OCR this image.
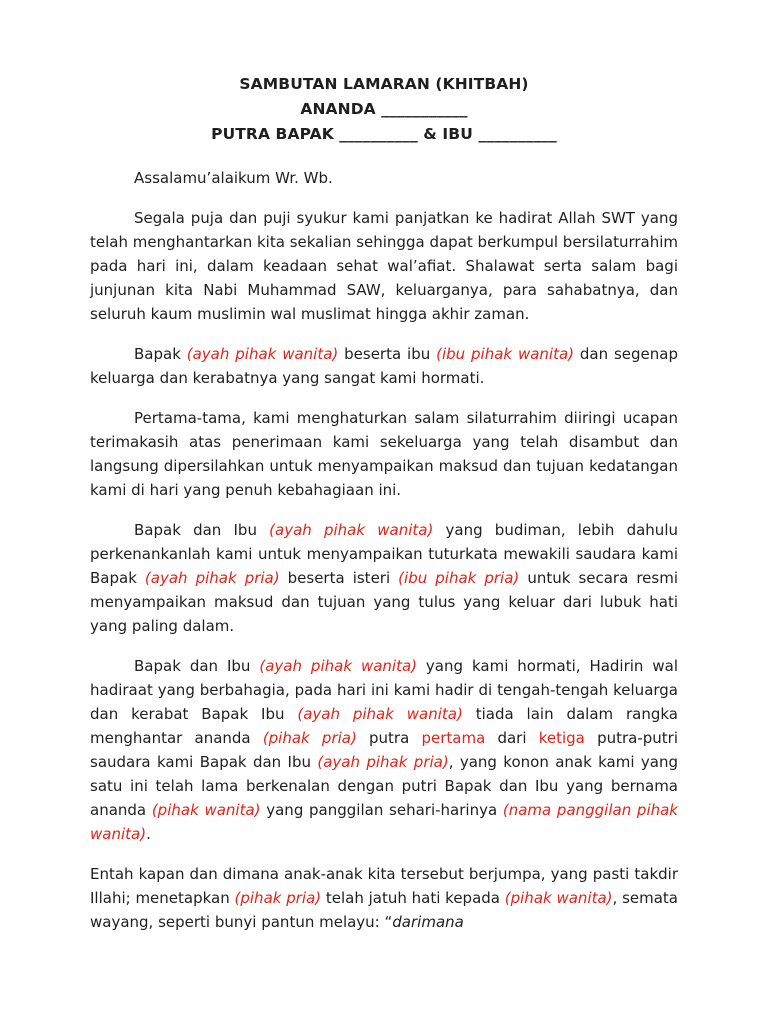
SAMBUTAN LAMARAN (KHITBAH)
ANANDA ___________
PUTRA BAPAK __________ & IBU __________

Assalamu’alaikum Wr. Wb.

Segala puja dan puji syukur kami panjatkan ke hadirat Allah SWT yang telah menghantarkan kita sekalian sehingga dapat berkumpul bersilaturrahim pada hari ini, dalam keadaan sehat wal’afiat. Shalawat serta salam bagi junjunan kita Nabi Muhammad SAW, keluarganya, para sahabatnya, dan seluruh kaum muslimin wal muslimat hingga akhir zaman.

Bapak (ayah pihak wanita) beserta ibu (ibu pihak wanita) dan segenap keluarga dan kerabatnya yang sangat kami hormati.

Pertama-tama, kami menghaturkan salam silaturrahim diiringi ucapan terimakasih atas penerimaan kami sekeluarga yang telah disambut dan langsung dipersilahkan untuk menyampaikan maksud dan tujuan kedatangan kami di hari yang penuh kebahagiaan ini.

Bapak dan Ibu (ayah pihak wanita) yang budiman, lebih dahulu perkenankanlah kami untuk menyampaikan tuturkata mewakili saudara kami Bapak (ayah pihak pria) beserta isteri (ibu pihak pria) untuk secara resmi menyampaikan maksud dan tujuan yang tulus yang keluar dari lubuk hati yang paling dalam.

Bapak dan Ibu (ayah pihak wanita) yang kami hormati, Hadirin wal hadiraat yang berbahagia, pada hari ini kami hadir di tengah-tengah keluarga dan kerabat Bapak Ibu (ayah pihak wanita) tiada lain dalam rangka menghantar ananda (pihak pria) putra pertama dari ketiga putra-putri saudara kami Bapak dan Ibu (ayah pihak pria), yang konon anak kami yang satu ini telah lama berkenalan dengan putri Bapak dan Ibu yang bernama ananda (pihak wanita) yang panggilan sehari-harinya (nama panggilan pihak wanita).

Entah kapan dan dimana anak-anak kita tersebut berjumpa, yang pasti takdir Illahi; menetapkan (pihak pria) telah jatuh hati kepada (pihak wanita), semata wayang, seperti bunyi pantun melayu: “darimana
